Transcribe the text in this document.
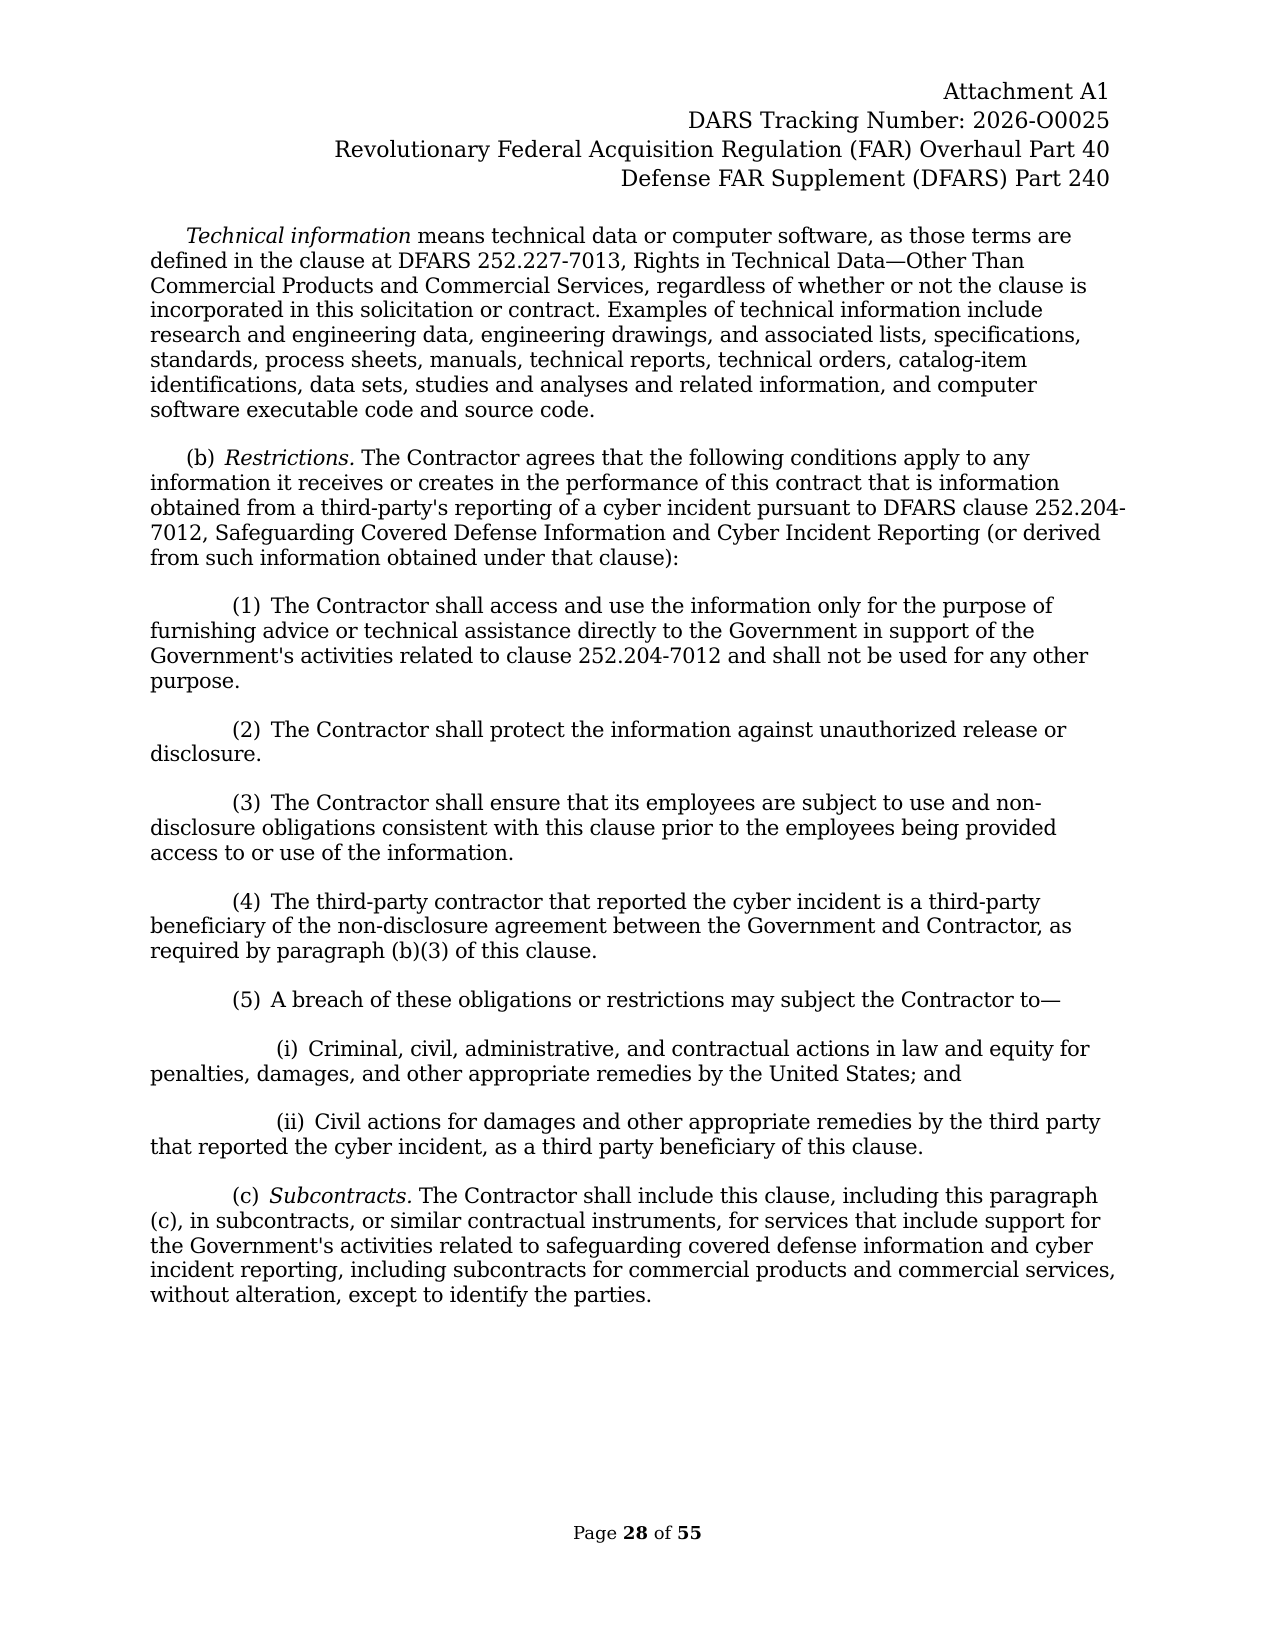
Attachment A1
DARS Tracking Number: 2026-O0025
Revolutionary Federal Acquisition Regulation (FAR) Overhaul Part 40
Defense FAR Supplement (DFARS) Part 240

Technical information means technical data or computer software, as those terms are defined in the clause at DFARS 252.227-7013, Rights in Technical Data—Other Than Commercial Products and Commercial Services, regardless of whether or not the clause is incorporated in this solicitation or contract. Examples of technical information include research and engineering data, engineering drawings, and associated lists, specifications, standards, process sheets, manuals, technical reports, technical orders, catalog-item identifications, data sets, studies and analyses and related information, and computer software executable code and source code.

(b) Restrictions. The Contractor agrees that the following conditions apply to any information it receives or creates in the performance of this contract that is information obtained from a third-party's reporting of a cyber incident pursuant to DFARS clause 252.204-7012, Safeguarding Covered Defense Information and Cyber Incident Reporting (or derived from such information obtained under that clause):

(1) The Contractor shall access and use the information only for the purpose of furnishing advice or technical assistance directly to the Government in support of the Government's activities related to clause 252.204-7012 and shall not be used for any other purpose.

(2) The Contractor shall protect the information against unauthorized release or disclosure.

(3) The Contractor shall ensure that its employees are subject to use and non-disclosure obligations consistent with this clause prior to the employees being provided access to or use of the information.

(4) The third-party contractor that reported the cyber incident is a third-party beneficiary of the non-disclosure agreement between the Government and Contractor, as required by paragraph (b)(3) of this clause.

(5) A breach of these obligations or restrictions may subject the Contractor to—

(i) Criminal, civil, administrative, and contractual actions in law and equity for penalties, damages, and other appropriate remedies by the United States; and

(ii) Civil actions for damages and other appropriate remedies by the third party that reported the cyber incident, as a third party beneficiary of this clause.

(c) Subcontracts. The Contractor shall include this clause, including this paragraph (c), in subcontracts, or similar contractual instruments, for services that include support for the Government's activities related to safeguarding covered defense information and cyber incident reporting, including subcontracts for commercial products and commercial services, without alteration, except to identify the parties.

Page 28 of 55
